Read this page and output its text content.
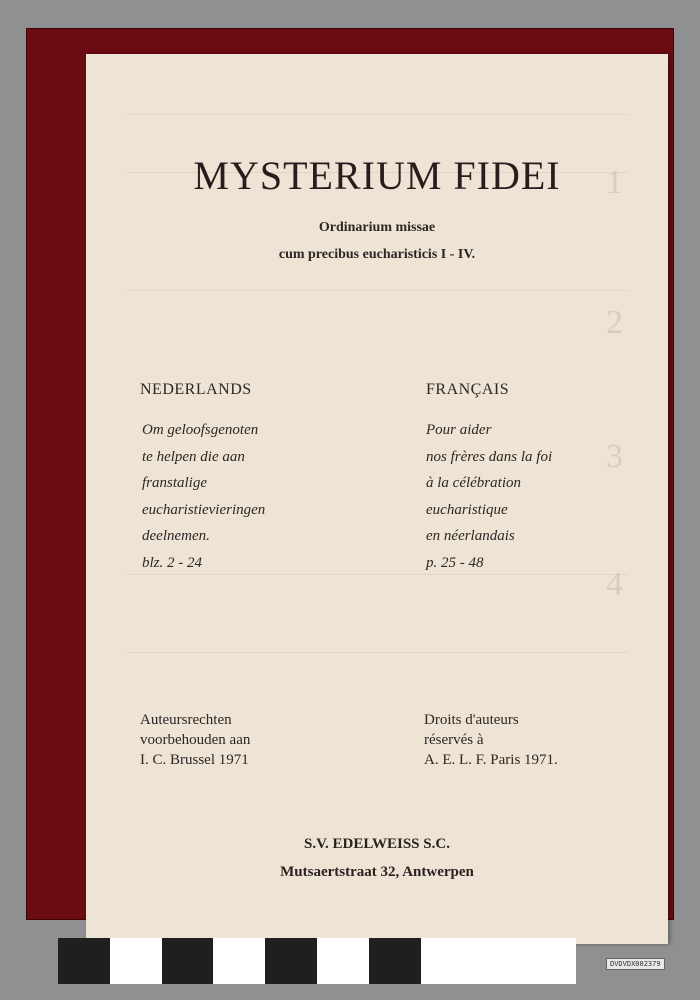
1
2
3
4
MYSTERIUM FIDEI
Ordinarium missae
cum precibus eucharisticis I - IV.
NEDERLANDS
Om geloofsgenoten
te helpen die aan
franstalige
eucharistievieringen
deelnemen.
blz. 2 - 24
FRANÇAIS
Pour aider
nos frères dans la foi
à la célébration
eucharistique
en néerlandais
p. 25 - 48
Auteursrechten
voorbehouden aan
I. C. Brussel 1971
Droits d'auteurs
réservés à
A. E. L. F. Paris 1971.
S.V. EDELWEISS S.C.
Mutsaertstraat 32, Antwerpen
DVDVDX002379
